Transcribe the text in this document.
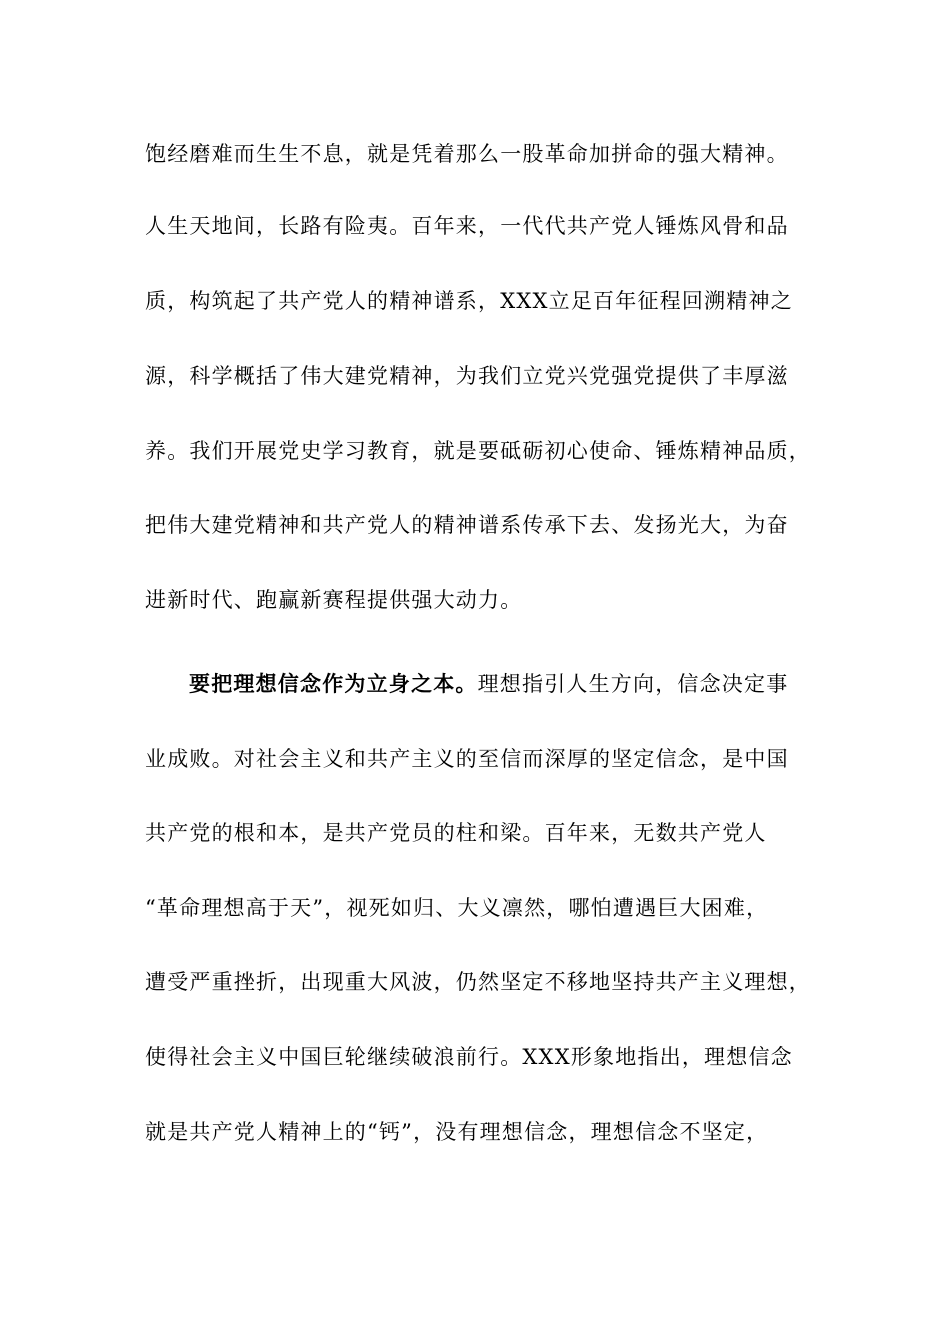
饱经磨难而生生不息，就是凭着那么一股革命加拼命的强大精神。
人生天地间，长路有险夷。百年来，一代代共产党人锤炼风骨和品
质，构筑起了共产党人的精神谱系，XXX立足百年征程回溯精神之
源，科学概括了伟大建党精神，为我们立党兴党强党提供了丰厚滋
养。我们开展党史学习教育，就是要砥砺初心使命、锤炼精神品质，
把伟大建党精神和共产党人的精神谱系传承下去、发扬光大，为奋
进新时代、跑赢新赛程提供强大动力。
要把理想信念作为立身之本。理想指引人生方向，信念决定事
业成败。对社会主义和共产主义的至信而深厚的坚定信念，是中国
共产党的根和本，是共产党员的柱和梁。百年来，无数共产党人
“革命理想高于天”，视死如归、大义凛然，哪怕遭遇巨大困难，
遭受严重挫折，出现重大风波，仍然坚定不移地坚持共产主义理想，
使得社会主义中国巨轮继续破浪前行。XXX形象地指出，理想信念
就是共产党人精神上的“钙”，没有理想信念，理想信念不坚定，
